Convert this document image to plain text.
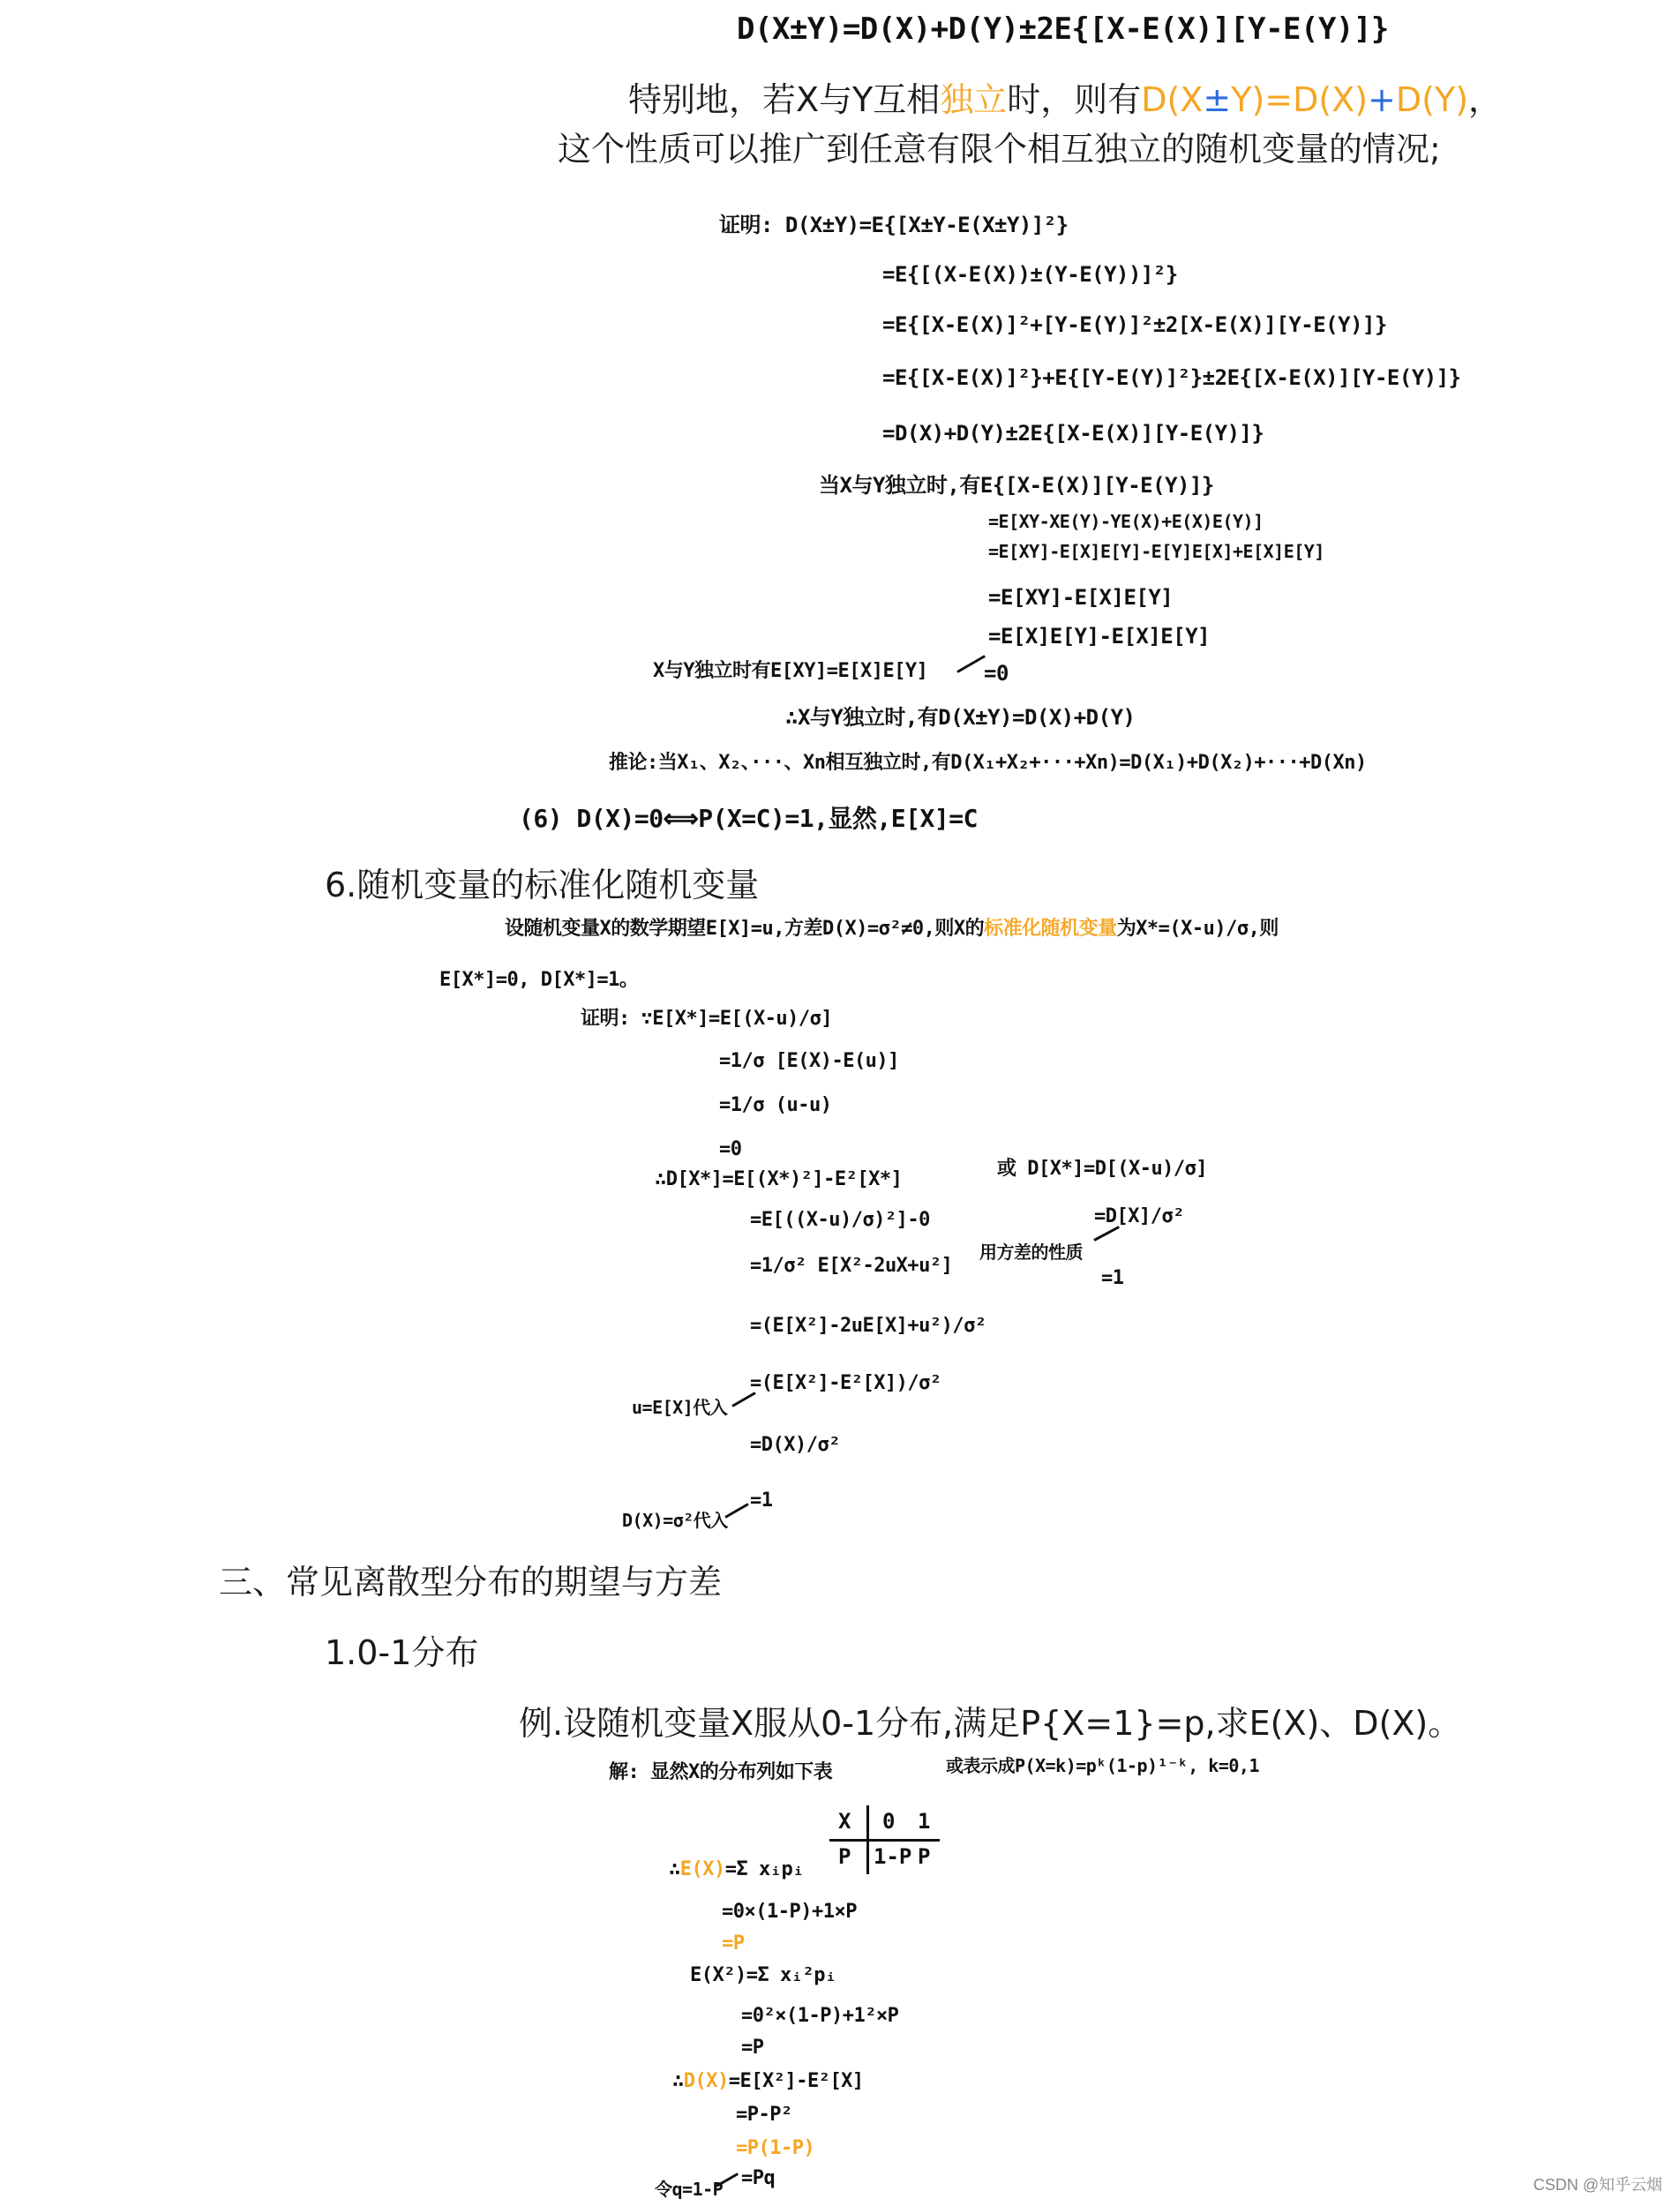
D(X±Y)=D(X)+D(Y)±2E{[X-E(X)][Y-E(Y)]}
特别地，若X与Y互相独立时，则有D(X±Y)=D(X)+D(Y)，
这个性质可以推广到任意有限个相互独立的随机变量的情况;
证明: D(X±Y)=E{[X±Y-E(X±Y)]²}
=E{[(X-E(X))±(Y-E(Y))]²}
=E{[X-E(X)]²+[Y-E(Y)]²±2[X-E(X)][Y-E(Y)]}
=E{[X-E(X)]²}+E{[Y-E(Y)]²}±2E{[X-E(X)][Y-E(Y)]}
=D(X)+D(Y)±2E{[X-E(X)][Y-E(Y)]}
当X与Y独立时,有E{[X-E(X)][Y-E(Y)]}
=E[XY-XE(Y)-YE(X)+E(X)E(Y)]
=E[XY]-E[X]E[Y]-E[Y]E[X]+E[X]E[Y]
=E[XY]-E[X]E[Y]
=E[X]E[Y]-E[X]E[Y]
X与Y独立时有E[XY]=E[X]E[Y]	=0
∴X与Y独立时,有D(X±Y)=D(X)+D(Y)
推论:当X₁、X₂、···、Xn相互独立时,有D(X₁+X₂+···+Xn)=D(X₁)+D(X₂)+···+D(Xn)
(6) D(X)=0⟺P(X=C)=1,显然,E[X]=C
6.随机变量的标准化随机变量
设随机变量X的数学期望E[X]=u,方差D(X)=σ²≠0,则X的标准化随机变量为X*=(X-u)/σ,则
E[X*]=0, D[X*]=1。
证明: ∵E[X*]=E[(X-u)/σ]
=1/σ [E(X)-E(u)]
=1/σ (u-u)
=0
∴D[X*]=E[(X*)²]-E²[X*]
=E[((X-u)/σ)²]-0
=1/σ² E[X²-2uX+u²]
=(E[X²]-2uE[X]+u²)/σ²
u=E[X]代入
=(E[X²]-E²[X])/σ²
=D(X)/σ²
D(X)=σ²代入
=1
或 D[X*]=D[(X-u)/σ]
用方差的性质
=D[X]/σ²
=1
三、常见离散型分布的期望与方差
1.0-1分布
例.设随机变量X服从0-1分布,满足P{X=1}=p,求E(X)、D(X)。
解: 显然X的分布列如下表	或表示成P(X=k)=pᵏ(1-p)¹⁻ᵏ, k=0,1
X 0 1
P 1-P P
∴E(X)=Σ xᵢpᵢ
=0×(1-P)+1×P
=P
E(X²)=Σ xᵢ²pᵢ
=0²×(1-P)+1²×P
=P
∴D(X)=E[X²]-E²[X]
=P-P²
=P(1-P)
令q=1-P =Pq	CSDN @知乎云烟
